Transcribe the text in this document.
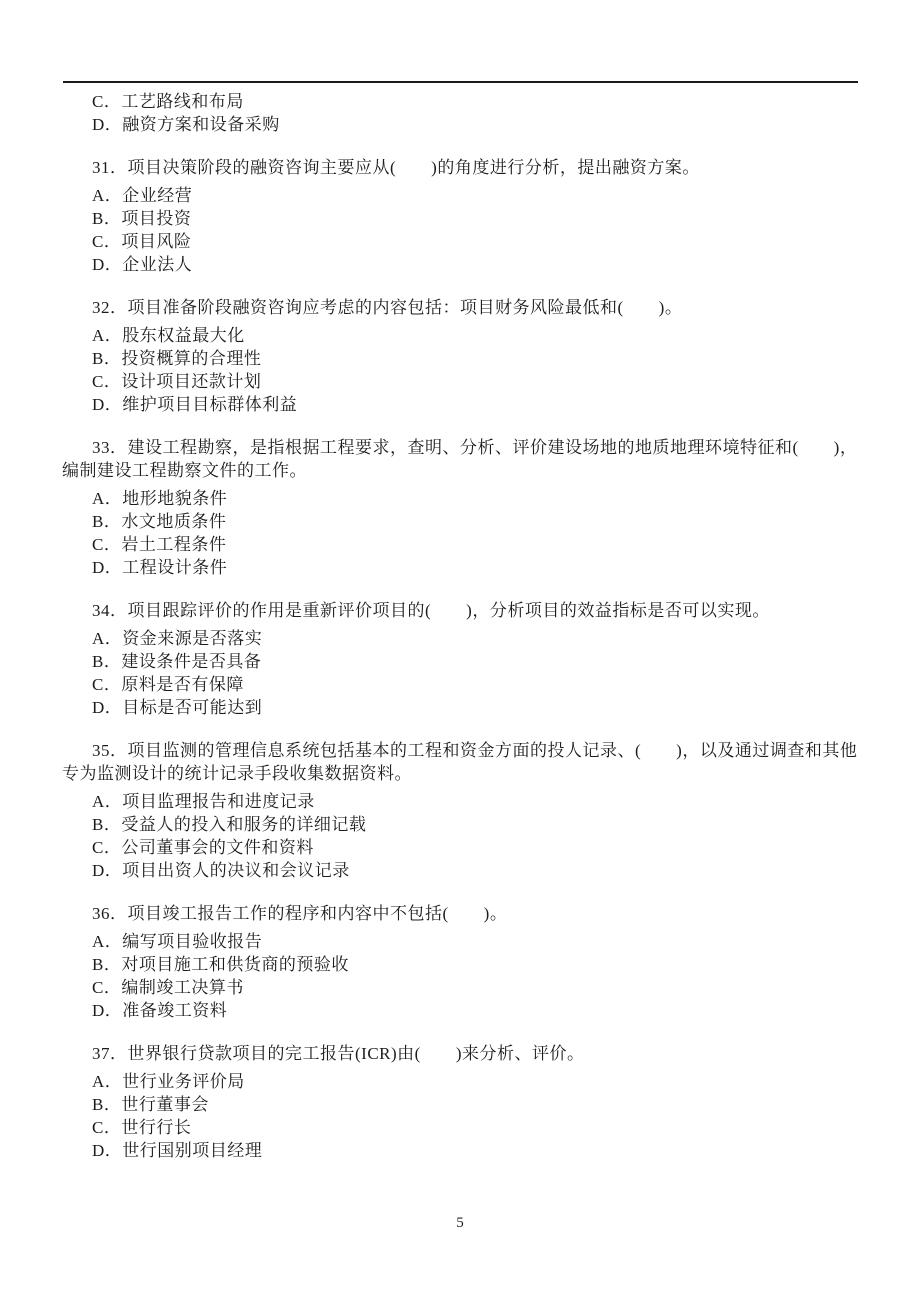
C．工艺路线和布局

D．融资方案和设备采购

31．项目决策阶段的融资咨询主要应从(　　)的角度进行分析，提出融资方案。

A．企业经营

B．项目投资

C．项目风险

D．企业法人

32．项目准备阶段融资咨询应考虑的内容包括：项目财务风险最低和(　　)。

A．股东权益最大化

B．投资概算的合理性

C．设计项目还款计划

D．维护项目目标群体利益

33．建设工程勘察，是指根据工程要求，查明、分析、评价建设场地的地质地理环境特征和(　　)，编制建设工程勘察文件的工作。

A．地形地貌条件

B．水文地质条件

C．岩土工程条件

D．工程设计条件

34．项目跟踪评价的作用是重新评价项目的(　　)，分析项目的效益指标是否可以实现。

A．资金来源是否落实

B．建设条件是否具备

C．原料是否有保障

D．目标是否可能达到

35．项目监测的管理信息系统包括基本的工程和资金方面的投人记录、(　　)，以及通过调查和其他专为监测设计的统计记录手段收集数据资料。

A．项目监理报告和进度记录

B．受益人的投入和服务的详细记载

C．公司董事会的文件和资料

D．项目出资人的决议和会议记录

36．项目竣工报告工作的程序和内容中不包括(　　)。

A．编写项目验收报告

B．对项目施工和供货商的预验收

C．编制竣工决算书

D．准备竣工资料

37．世界银行贷款项目的完工报告(ICR)由(　　)来分析、评价。

A．世行业务评价局

B．世行董事会

C．世行行长

D．世行国别项目经理

5
